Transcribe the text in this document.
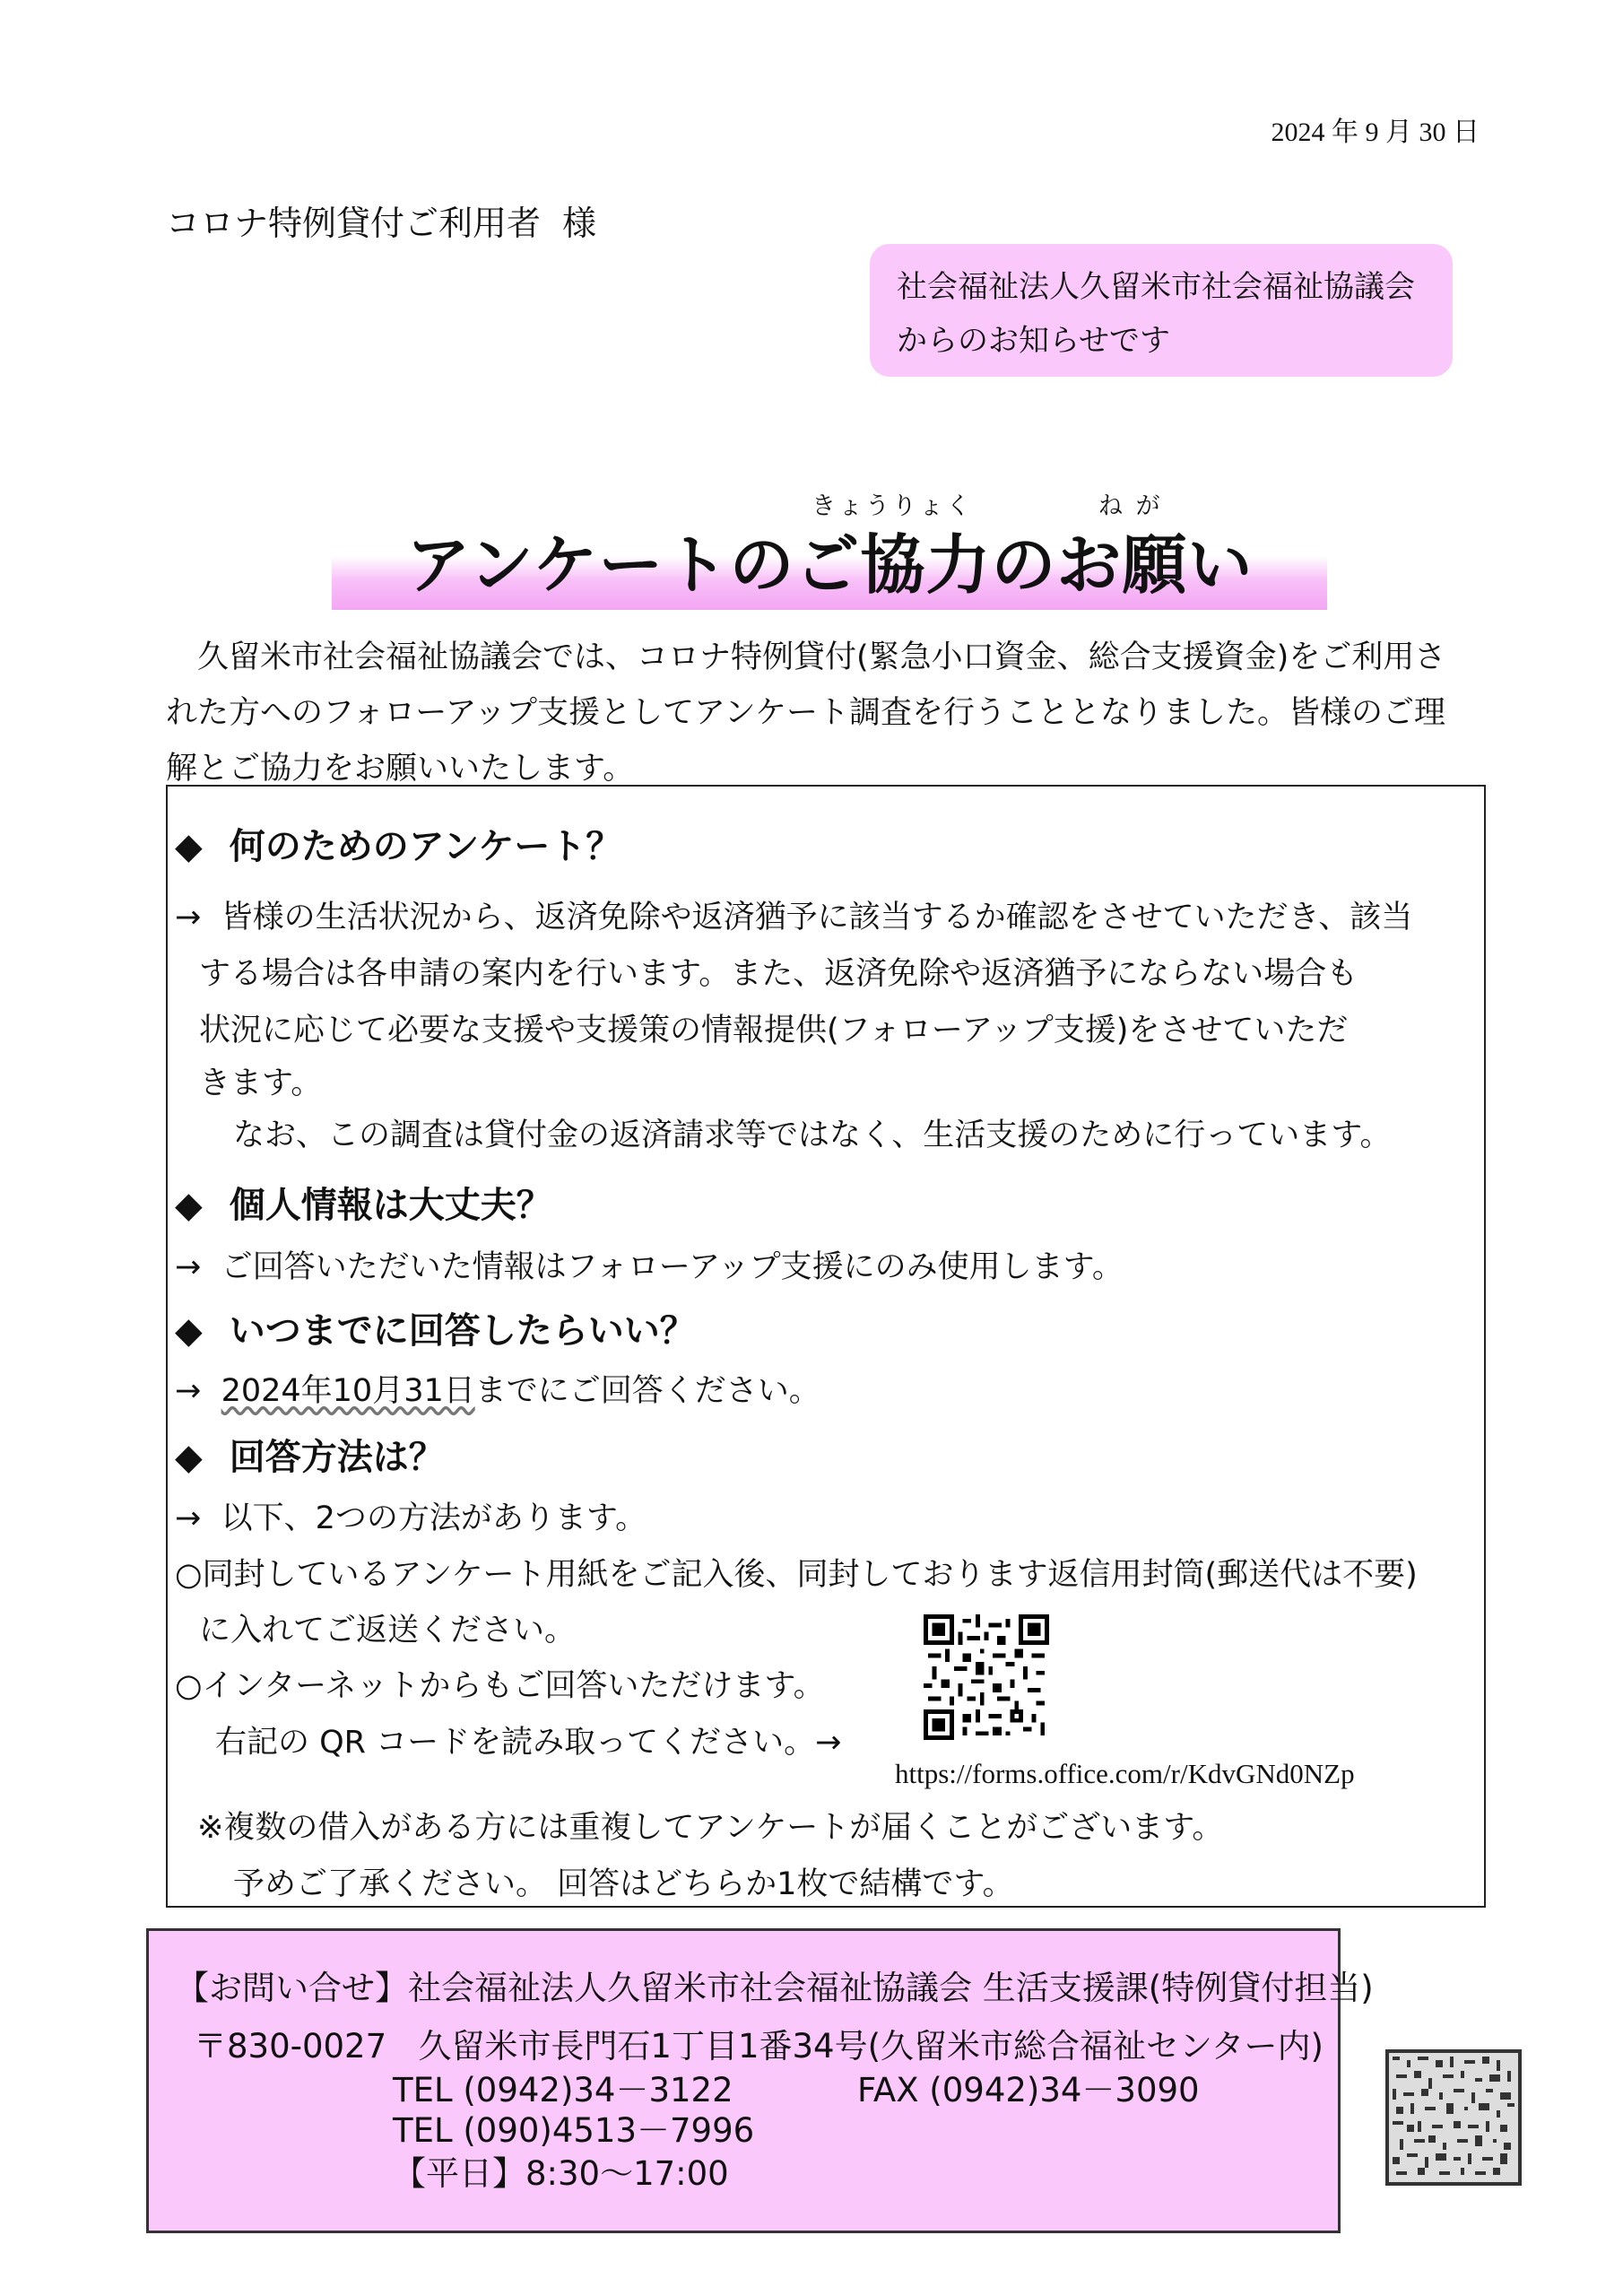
2024 年 9 月 30 日
コロナ特例貸付ご利用者 様
社会福祉法人久留米市社会福祉協議会
からのお知らせです
きょうりょく	ね が
アンケートのご協力のお願い
久留米市社会福祉協議会では、コロナ特例貸付(緊急小口資金、総合支援資金)をご利用された方へのフォローアップ支援としてアンケート調査を行うこととなりました。皆様のご理解とご協力をお願いいたします。
◆ 何のためのアンケート？
→ 皆様の生活状況から、返済免除や返済猶予に該当するか確認をさせていただき、該当
する場合は各申請の案内を行います。また、返済免除や返済猶予にならない場合も
状況に応じて必要な支援や支援策の情報提供(フォローアップ支援)をさせていただ
きます。
なお、この調査は貸付金の返済請求等ではなく、生活支援のために行っています。
◆ 個人情報は大丈夫？
→ ご回答いただいた情報はフォローアップ支援にのみ使用します。
◆ いつまでに回答したらいい？
→ 2024年10月31日までにご回答ください。
◆ 回答方法は？
→ 以下、2つの方法があります。
○同封しているアンケート用紙をご記入後、同封しております返信用封筒(郵送代は不要)
に入れてご返送ください。
○インターネットからもご回答いただけます。
右記の QR コードを読み取ってください。→
※複数の借入がある方には重複してアンケートが届くことがございます。
予めご了承ください。 回答はどちらか1枚で結構です。
https://forms.office.com/r/KdvGNd0NZp
【お問い合せ】社会福祉法人久留米市社会福祉協議会 生活支援課(特例貸付担当)
〒830-0027 久留米市長門石1丁目1番34号(久留米市総合福祉センター内)
TEL (0942)34－3122	FAX (0942)34－3090
TEL (090)4513－7996
【平日】8:30～17:00
